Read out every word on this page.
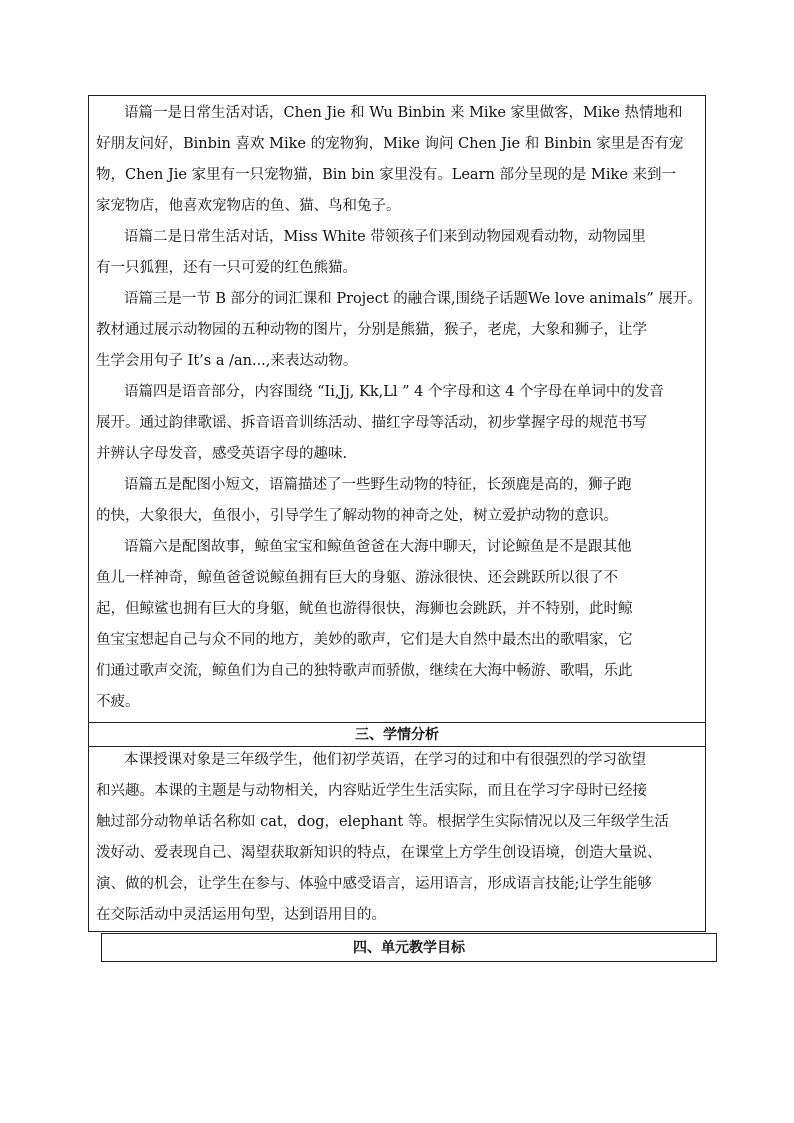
语篇一是日常生活对话，Chen Jie 和 Wu Binbin 来 Mike 家里做客，Mike 热情地和
好朋友问好，Binbin 喜欢 Mike 的宠物狗，Mike 询问 Chen Jie 和 Binbin 家里是否有宠
物，Chen Jie 家里有一只宠物猫，Bin bin 家里没有。Learn 部分呈现的是 Mike 来到一
家宠物店，他喜欢宠物店的鱼、猫、鸟和兔子。
语篇二是日常生活对话，Miss White 带领孩子们来到动物园观看动物，动物园里
有一只狐狸，还有一只可爱的红色熊猫。
语篇三是一节 B 部分的词汇课和 Project 的融合课,围绕子话题We love animals” 展开。
教材通过展示动物园的五种动物的图片，分别是熊猫，猴子，老虎，大象和狮子，让学
生学会用句子 It’s a /an...,来表达动物。
语篇四是语音部分，内容围绕 “Ii,Jj, Kk,Ll ” 4 个字母和这 4 个字母在单词中的发音
展开。通过韵律歌谣、拆音语音训练活动、描红字母等活动，初步掌握字母的规范书写
并辨认字母发音，感受英语字母的趣味.
语篇五是配图小短文，语篇描述了一些野生动物的特征，长颈鹿是高的，狮子跑
的快，大象很大，鱼很小，引导学生了解动物的神奇之处，树立爱护动物的意识。
语篇六是配图故事，鲸鱼宝宝和鲸鱼爸爸在大海中聊天，讨论鲸鱼是不是跟其他
鱼儿一样神奇，鲸鱼爸爸说鲸鱼拥有巨大的身躯、游泳很快、还会跳跃所以很了不
起，但鲸鲨也拥有巨大的身躯，鱿鱼也游得很快，海狮也会跳跃，并不特别，此时鲸
鱼宝宝想起自己与众不同的地方，美妙的歌声，它们是大自然中最杰出的歌唱家，它
们通过歌声交流，鲸鱼们为自己的独特歌声而骄傲，继续在大海中畅游、歌唱，乐此
不疲。
三、学情分析
本课授课对象是三年级学生，他们初学英语，在学习的过和中有很强烈的学习欲望
和兴趣。本课的主题是与动物相关，内容贴近学生生活实际，而且在学习字母时已经接
触过部分动物单话名称如 cat，dog，elephant 等。根据学生实际情况以及三年级学生活
泼好动、爱表现自己、渴望获取新知识的特点，在课堂上方学生创设语境，创造大量说、
演、做的机会，让学生在参与、体验中感受语言，运用语言，形成语言技能;让学生能够
在交际活动中灵活运用句型，达到语用目的。
四、单元教学目标
